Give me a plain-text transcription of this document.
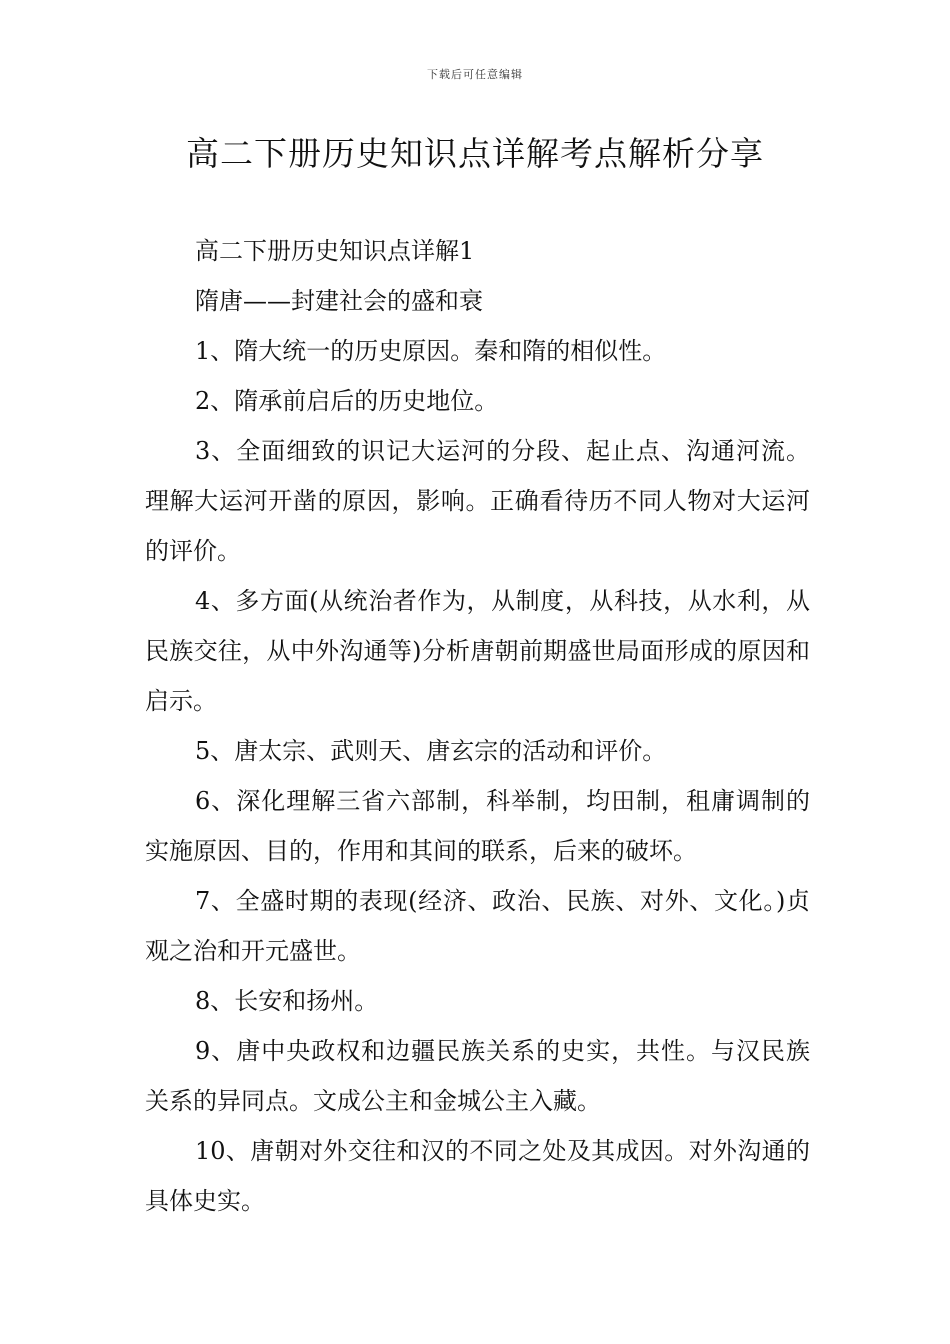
下载后可任意编辑
高二下册历史知识点详解考点解析分享

高二下册历史知识点详解1

隋唐——封建社会的盛和衰

1、隋大统一的历史原因。秦和隋的相似性。

2、隋承前启后的历史地位。

3、全面细致的识记大运河的分段、起止点、沟通河流。理解大运河开凿的原因，影响。正确看待历不同人物对大运河的评价。

4、多方面(从统治者作为，从制度，从科技，从水利，从民族交往，从中外沟通等)分析唐朝前期盛世局面形成的原因和启示。

5、唐太宗、武则天、唐玄宗的活动和评价。

6、深化理解三省六部制，科举制，均田制，租庸调制的实施原因、目的，作用和其间的联系，后来的破坏。

7、全盛时期的表现(经济、政治、民族、对外、文化。)贞观之治和开元盛世。

8、长安和扬州。

9、唐中央政权和边疆民族关系的史实，共性。与汉民族关系的异同点。文成公主和金城公主入藏。

10、唐朝对外交往和汉的不同之处及其成因。对外沟通的具体史实。
